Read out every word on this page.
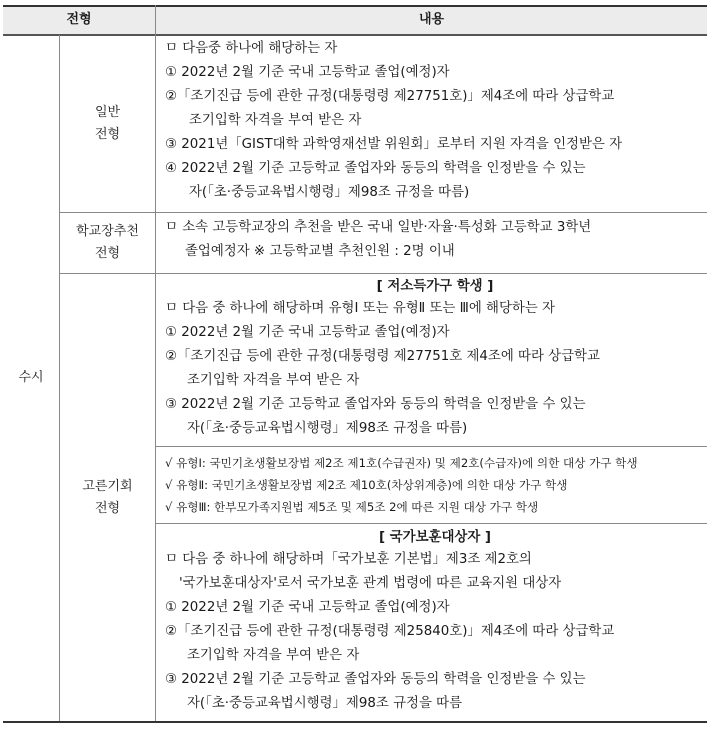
전형	내용
수시
일반
전형
학교장추천
전형
고른기회
전형
ㅁ 다음중 하나에 해당하는 자
① 2022년 2월 기준 국내 고등학교 졸업(예정)자
②「조기진급 등에 관한 규정(대통령령 제27751호)」제4조에 따라 상급학교
조기입학 자격을 부여 받은 자
③ 2021년「GIST대학 과학영재선발 위원회」로부터 지원 자격을 인정받은 자
④ 2022년 2월 기준 고등학교 졸업자와 동등의 학력을 인정받을 수 있는
자(「초·중등교육법시행령」제98조 규정을 따름)
ㅁ 소속 고등학교장의 추천을 받은 국내 일반·자율·특성화 고등학교 3학년
졸업예정자 ※ 고등학교별 추천인원 : 2명 이내
[ 저소득가구 학생 ]
ㅁ 다음 중 하나에 해당하며 유형Ⅰ 또는 유형Ⅱ 또는 Ⅲ에 해당하는 자
① 2022년 2월 기준 국내 고등학교 졸업(예정)자
②「조기진급 등에 관한 규정(대통령령 제27751호 제4조에 따라 상급학교
조기입학 자격을 부여 받은 자
③ 2022년 2월 기준 고등학교 졸업자와 동등의 학력을 인정받을 수 있는
자(「초·중등교육법시행령」제98조 규정을 따름)
√ 유형Ⅰ: 국민기초생활보장법 제2조 제1호(수급권자) 및 제2호(수급자)에 의한 대상 가구 학생
√ 유형Ⅱ: 국민기초생활보장법 제2조 제10호(차상위계층)에 의한 대상 가구 학생
√ 유형Ⅲ: 한부모가족지원법 제5조 및 제5조 2에 따른 지원 대상 가구 학생
[ 국가보훈대상자 ]
ㅁ 다음 중 하나에 해당하며「국가보훈 기본법」제3조 제2호의
'국가보훈대상자'로서 국가보훈 관계 법령에 따른 교육지원 대상자
① 2022년 2월 기준 국내 고등학교 졸업(예정)자
②「조기진급 등에 관한 규정(대통령령 제25840호)」제4조에 따라 상급학교
조기입학 자격을 부여 받은 자
③ 2022년 2월 기준 고등학교 졸업자와 동등의 학력을 인정받을 수 있는
자(「초·중등교육법시행령」제98조 규정을 따름
